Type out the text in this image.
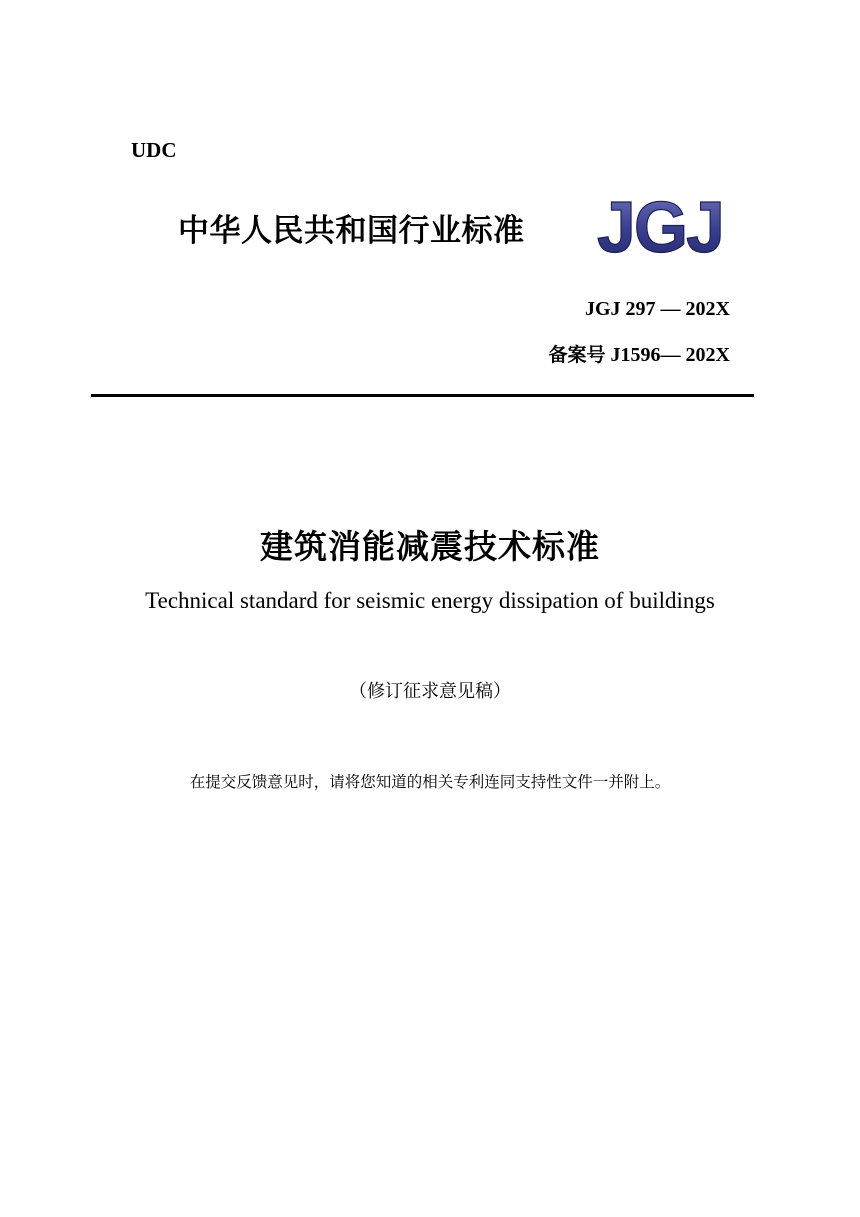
UDC
中华人民共和国行业标准 JGJ
JGJ 297 — 202X
备案号 J1596— 202X
建筑消能减震技术标准
Technical standard for seismic energy dissipation of buildings
（修订征求意见稿）
在提交反馈意见时，请将您知道的相关专利连同支持性文件一并附上。
